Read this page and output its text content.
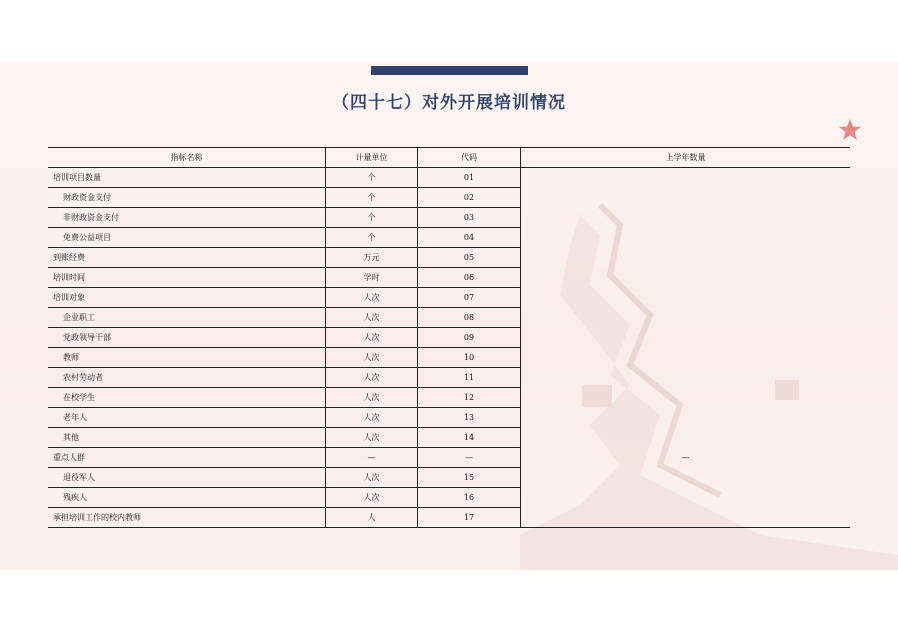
（四十七）对外开展培训情况
指标名称	计量单位	代码	上学年数量
培训项目数量	个	01	
财政资金支付	个	02	
非财政资金支付	个	03	
免费公益项目	个	04	
到账经费	万元	05	
培训时间	学时	06	
培训对象	人次	07	
企业职工	人次	08	
党政领导干部	人次	09	
教师	人次	10	
农村劳动者	人次	11	
在校学生	人次	12	
老年人	人次	13	
其他	人次	14	
重点人群	—	—	—
退役军人	人次	15	
残疾人	人次	16	
承担培训工作的校内教师	人	17	
